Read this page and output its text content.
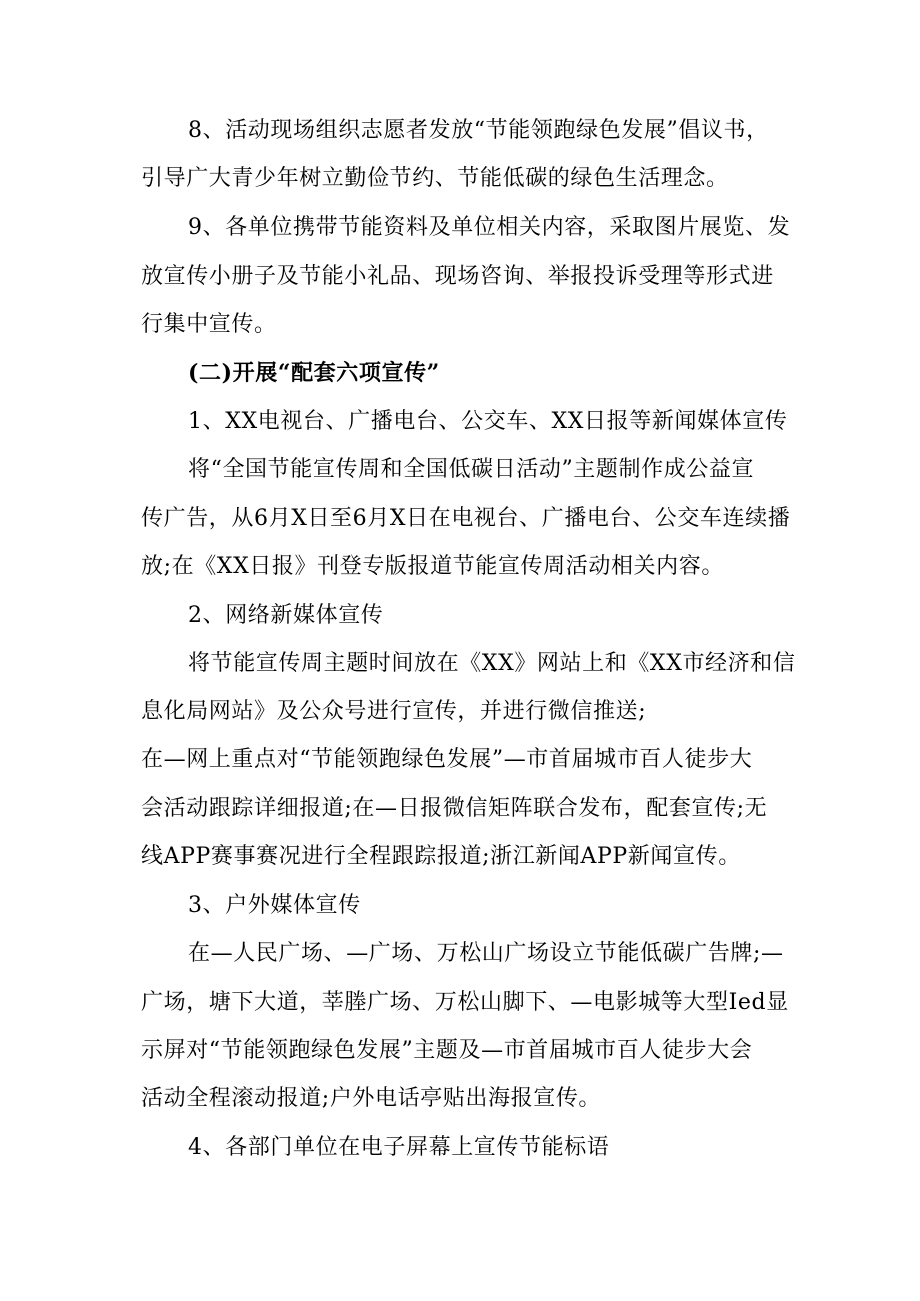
8、活动现场组织志愿者发放“节能领跑绿色发展”倡议书，
引导广大青少年树立勤俭节约、节能低碳的绿色生活理念。
9、各单位携带节能资料及单位相关内容，采取图片展览、发
放宣传小册子及节能小礼品、现场咨询、举报投诉受理等形式进
行集中宣传。
(二)开展“配套六项宣传”
1、XX电视台、广播电台、公交车、XX日报等新闻媒体宣传
将“全国节能宣传周和全国低碳日活动”主题制作成公益宣
传广告，从6月X日至6月X日在电视台、广播电台、公交车连续播
放;在《XX日报》刊登专版报道节能宣传周活动相关内容。
2、网络新媒体宣传
将节能宣传周主题时间放在《XX》网站上和《XX市经济和信
息化局网站》及公众号进行宣传，并进行微信推送;
在—网上重点对“节能领跑绿色发展”—市首届城市百人徒步大
会活动跟踪详细报道;在—日报微信矩阵联合发布，配套宣传;无
线APP赛事赛况进行全程跟踪报道;浙江新闻APP新闻宣传。
3、户外媒体宣传
在—人民广场、—广场、万松山广场设立节能低碳广告牌;—
广场，塘下大道，莘塍广场、万松山脚下、—电影城等大型Ied显
示屏对“节能领跑绿色发展”主题及—市首届城市百人徒步大会
活动全程滚动报道;户外电话亭贴出海报宣传。
4、各部门单位在电子屏幕上宣传节能标语
